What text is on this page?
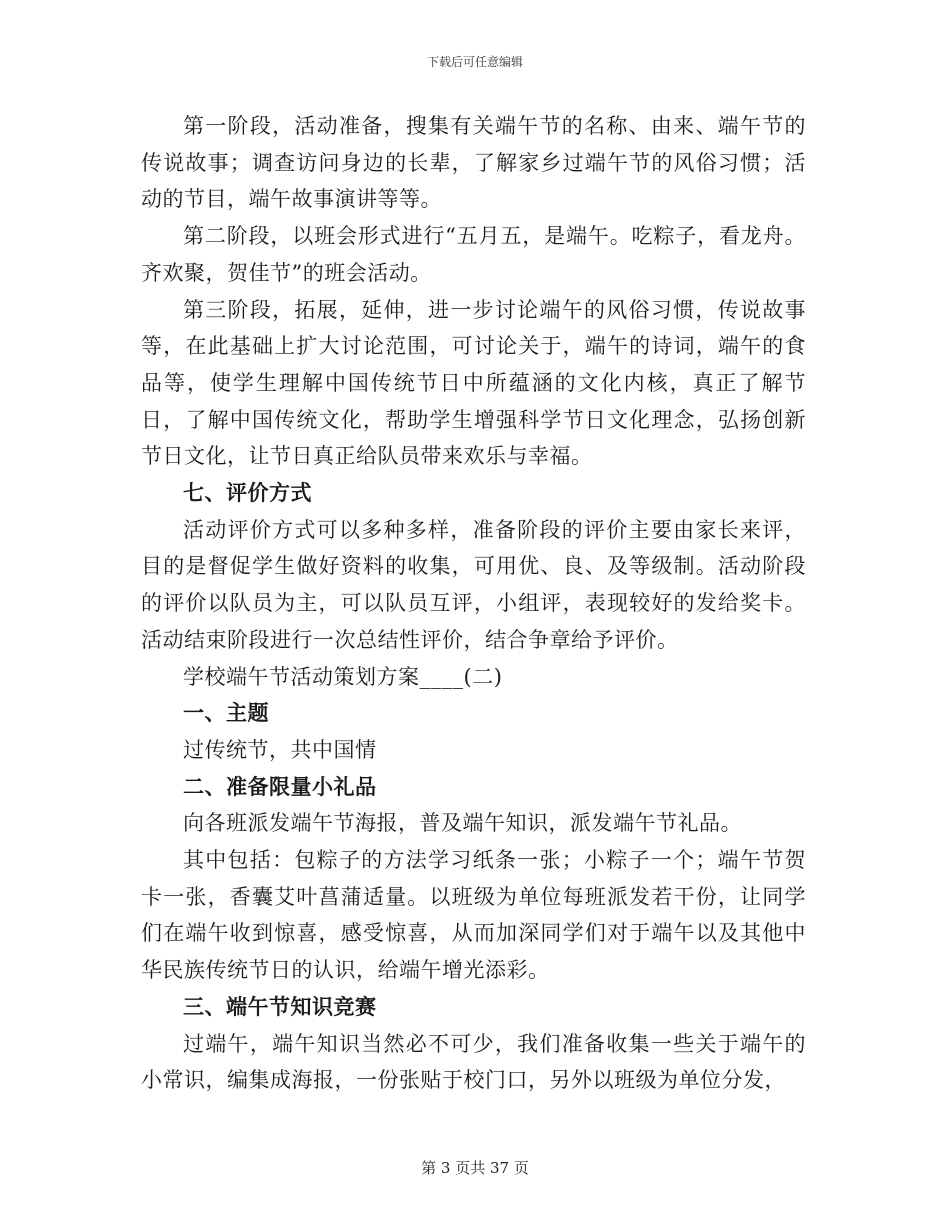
下载后可任意编辑

第一阶段，活动准备，搜集有关端午节的名称、由来、端午节的传说故事；调查访问身边的长辈，了解家乡过端午节的风俗习惯；活动的节目，端午故事演讲等等。

第二阶段，以班会形式进行“五月五，是端午。吃粽子，看龙舟。齐欢聚，贺佳节”的班会活动。

第三阶段，拓展，延伸，进一步讨论端午的风俗习惯，传说故事等，在此基础上扩大讨论范围，可讨论关于，端午的诗词，端午的食品等，使学生理解中国传统节日中所蕴涵的文化内核，真正了解节日，了解中国传统文化，帮助学生增强科学节日文化理念，弘扬创新节日文化，让节日真正给队员带来欢乐与幸福。

七、评价方式

活动评价方式可以多种多样，准备阶段的评价主要由家长来评，目的是督促学生做好资料的收集，可用优、良、及等级制。活动阶段的评价以队员为主，可以队员互评，小组评，表现较好的发给奖卡。活动结束阶段进行一次总结性评价，结合争章给予评价。

学校端午节活动策划方案____(二)

一、主题

过传统节，共中国情

二、准备限量小礼品

向各班派发端午节海报，普及端午知识，派发端午节礼品。

其中包括：包粽子的方法学习纸条一张；小粽子一个；端午节贺卡一张，香囊艾叶菖蒲适量。以班级为单位每班派发若干份，让同学们在端午收到惊喜，感受惊喜，从而加深同学们对于端午以及其他中华民族传统节日的认识，给端午增光添彩。

三、端午节知识竞赛

过端午，端午知识当然必不可少，我们准备收集一些关于端午的小常识，编集成海报，一份张贴于校门口，另外以班级为单位分发，

第 3 页共 37 页
